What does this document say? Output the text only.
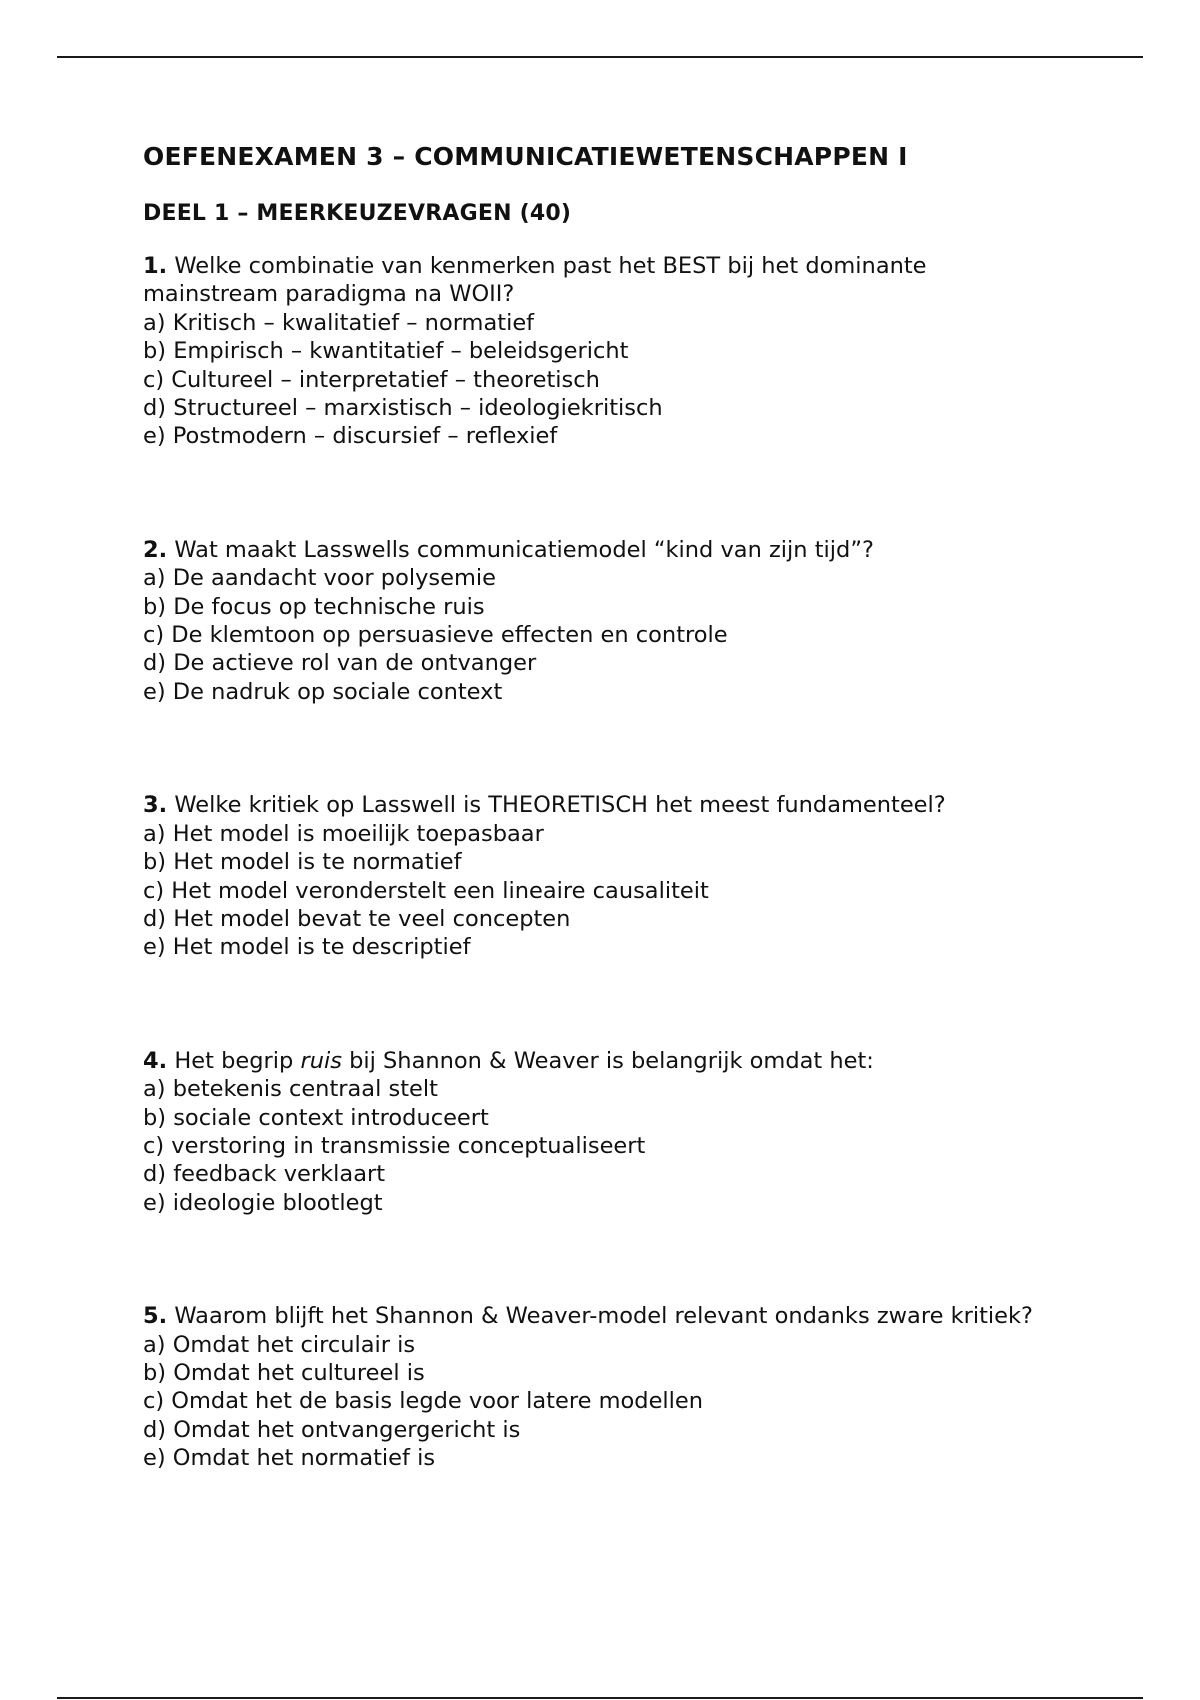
OEFENEXAMEN 3 – COMMUNICATIEWETENSCHAPPEN I
DEEL 1 – MEERKEUZEVRAGEN (40)

1. Welke combinatie van kenmerken past het BEST bij het dominante mainstream paradigma na WOII?

a) Kritisch – kwalitatief – normatief
b) Empirisch – kwantitatief – beleidsgericht
c) Cultureel – interpretatief – theoretisch
d) Structureel – marxistisch – ideologiekritisch
e) Postmodern – discursief – reflexief

2. Wat maakt Lasswells communicatiemodel “kind van zijn tijd”?

a) De aandacht voor polysemie
b) De focus op technische ruis
c) De klemtoon op persuasieve effecten en controle
d) De actieve rol van de ontvanger
e) De nadruk op sociale context

3. Welke kritiek op Lasswell is THEORETISCH het meest fundamenteel?

a) Het model is moeilijk toepasbaar
b) Het model is te normatief
c) Het model veronderstelt een lineaire causaliteit
d) Het model bevat te veel concepten
e) Het model is te descriptief

4. Het begrip ruis bij Shannon & Weaver is belangrijk omdat het:

a) betekenis centraal stelt
b) sociale context introduceert
c) verstoring in transmissie conceptualiseert
d) feedback verklaart
e) ideologie blootlegt

5. Waarom blijft het Shannon & Weaver-model relevant ondanks zware kritiek?

a) Omdat het circulair is
b) Omdat het cultureel is
c) Omdat het de basis legde voor latere modellen
d) Omdat het ontvangergericht is
e) Omdat het normatief is
